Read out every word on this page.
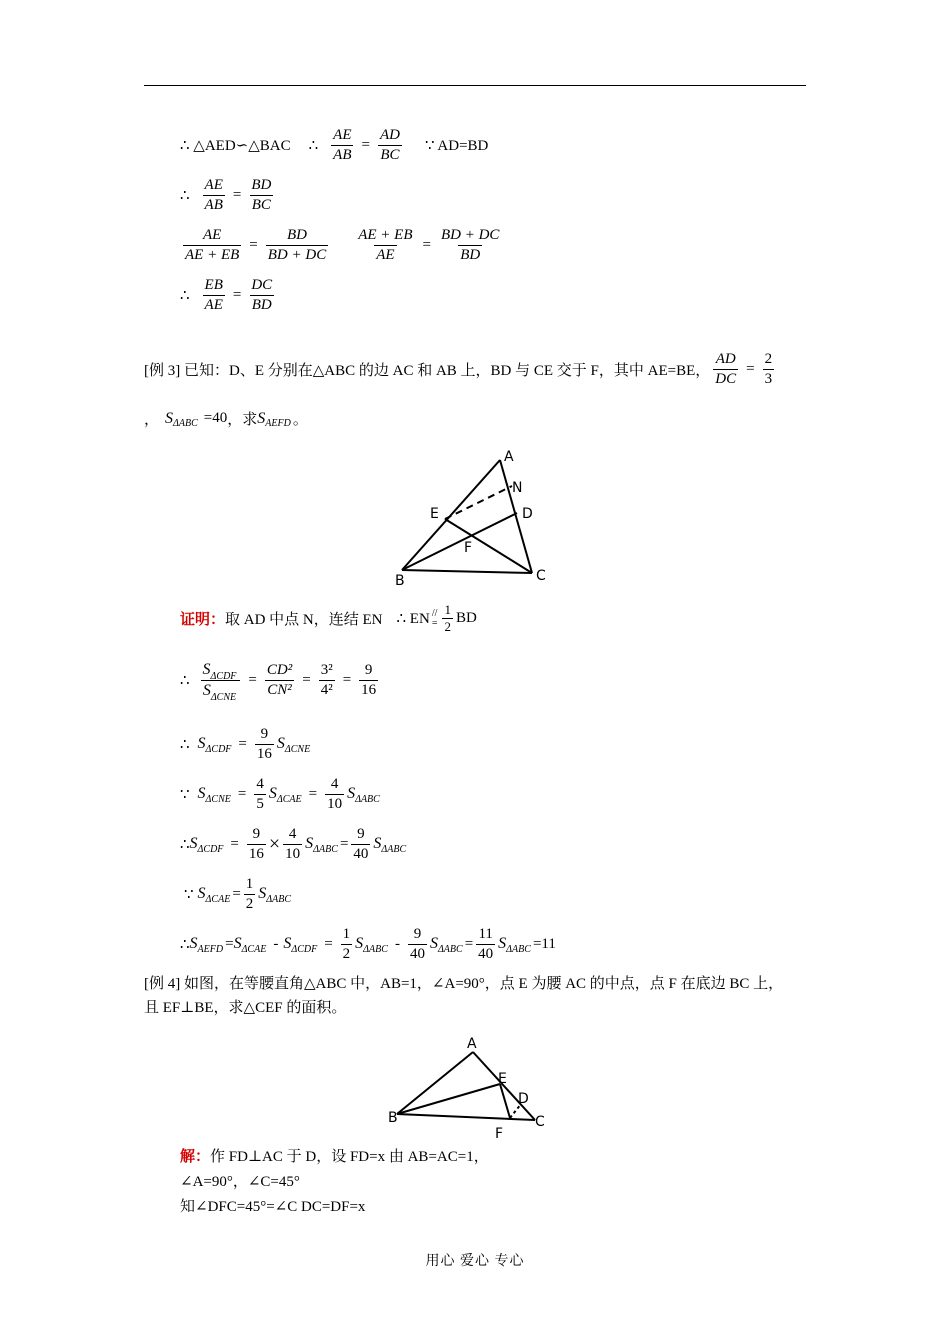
∴ △AED∽△BAC ∴ $\frac{AE}{AB} = \frac{AD}{BC}$ ∵ AD=BD
∴ $\frac{AE}{AB} = \frac{BD}{BC}$
$\frac{AE}{AE + EB} = \frac{BD}{BD + DC} \frac{AE + EB}{AE} = \frac{BD + DC}{BD}$
∴ $\frac{EB}{AE} = \frac{DC}{BD}$
[例 3] 已知：D、E 分别在△ABC 的边 AC 和 AB 上，BD 与 CE 交于 F，其中 AE=BE， $\frac{AD}{DC} = \frac{2}{3}$
， S ΔABC =40 ，求 S AEFD 。
A
N
E	D
F
B	C
证明： 取 AD 中点 N，连结 EN ∴ EN //
= $\frac{1}{2}$ BD
∴ $\frac{S_{\Delta CDF}}{S_{\Delta CNE}} = \frac{\text{CD²}}{\text{CN²}} = \frac{\text{3²}}{\text{4²}} = \frac{9}{16}$
∴ S $\Delta CDF = \frac{9}{16}$ S ΔCNE
∵ S $\Delta CNE = \frac{4}{5}$ S $\Delta CAE = \frac{4}{10}$ S ΔABC
∴ S $\Delta CDF = \frac{9}{16} \times \frac{4}{10}$ S $\Delta ABC = \frac{9}{40}$ S ΔABC
∵ S $\Delta CAE = \frac{1}{2}$ S ΔABC
∴ S AEFD = S ΔCAE - S $\Delta CDF = \frac{1}{2}$ S ΔABC - $\frac{9}{40}$ S $\Delta ABC = \frac{11}{40}$ S ΔABC =11
[例 4] 如图，在等腰直角△ABC 中，AB=1，∠A=90°，点 E 为腰 AC 的中点，点 F 在底边 BC 上，
且 EF⊥BE，求△CEF 的面积。
A
E
D
B
F
C
解：作 FD⊥AC 于 D，设 FD=x 由 AB=AC=1，
∠A=90°，∠C=45°
知∠DFC=45°=∠C DC=DF=x
用心 爱心 专心
